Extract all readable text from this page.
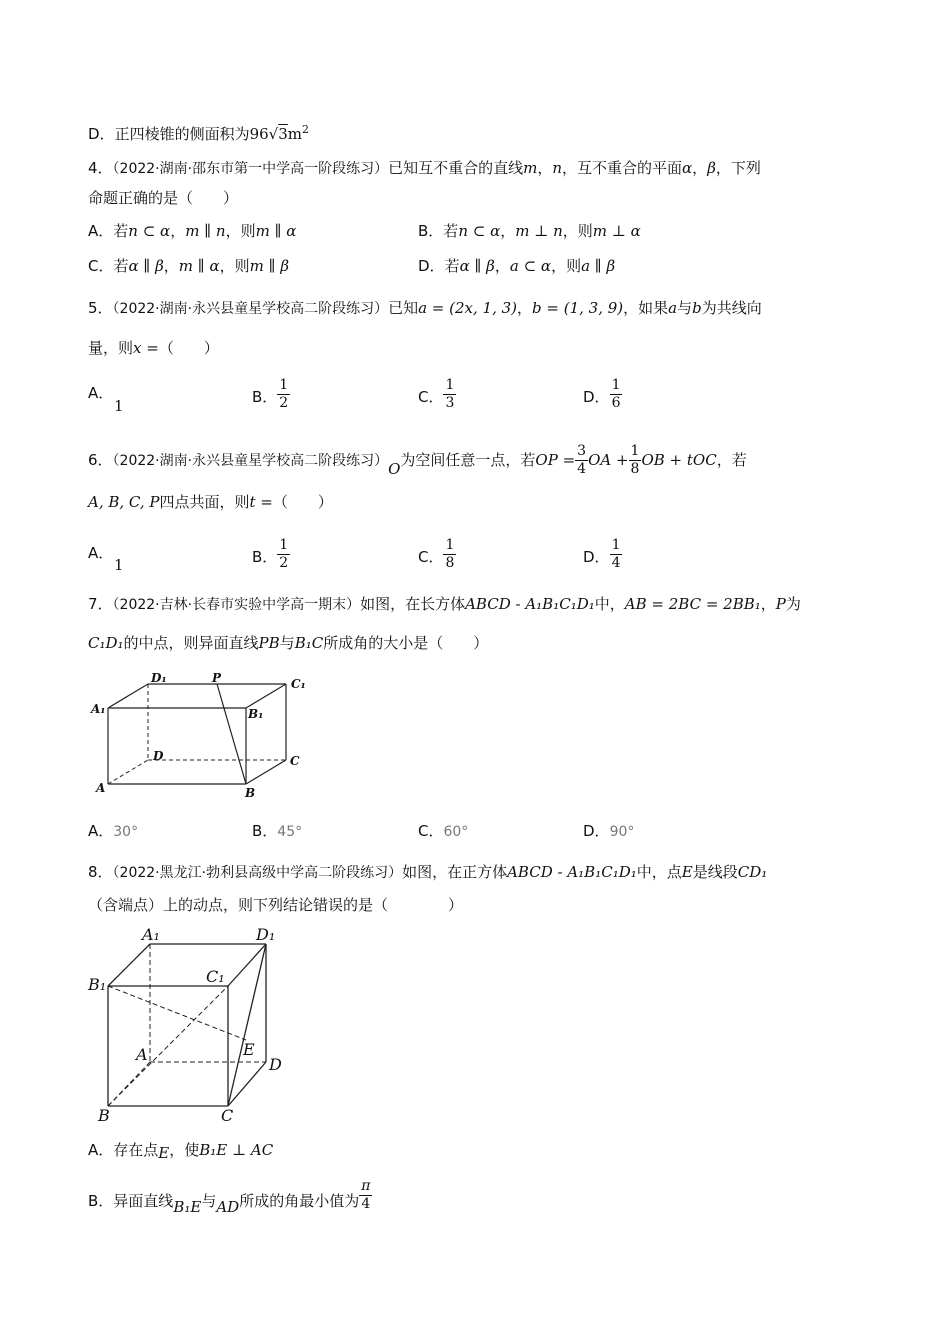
D．正四棱锥的侧面积为$96√3m^2$
4．（2022·湖南·邵东市第一中学高一阶段练习）已知互不重合的直线m，n，互不重合的平面α，β，下列
命题正确的是（　　）
A．若n ⊂ α，m ∥ n，则m ∥ α	B．若n ⊂ α，m ⊥ n，则m ⊥ α
C．若α ∥ β，m ∥ α，则m ∥ β	D．若α ∥ β，a ⊂ α，则a ∥ β
5．（2022·湖南·永兴县童星学校高二阶段练习）已知a = (2x, 1, 3)，b = (1, 3, 9)，如果a与b为共线向
量，则x =（　　）
A．
1	B． $\frac{1}{2}$	C． $\frac{1}{3}$	D． $\frac{1}{6}$
6．（2022·湖南·永兴县童星学校高二阶段练习）O为空间任意一点，若OP = $\frac{3}{4}$ OA + $\frac{1}{8}$ OB + tOC，若
A, B, C, P四点共面，则t =（　　）
A．
1	B． $\frac{1}{2}$	C． $\frac{1}{8}$	D． $\frac{1}{4}$
7．（2022·吉林·长春市实验中学高一期末）如图，在长方体ABCD - A₁B₁C₁D₁中，AB = 2BC = 2BB₁，P为
C₁D₁的中点，则异面直线PB与B₁C所成角的大小是（　　）
D₁	P	C₁
A₁	B₁
D	C
A	B
A．30°	B．45°	C．60°	D．90°
8．（2022·黑龙江·勃利县高级中学高二阶段练习）如图，在正方体ABCD - A₁B₁C₁D₁中，点E是线段CD₁
（含端点）上的动点，则下列结论错误的是（　　　　）
A₁	D₁
B₁	C₁
A	E
D
B	C
A．存在点E，使B₁E ⊥ AC
B．异面直线B₁E与AD所成的角最小值为 $\frac{\pi}{4}$
